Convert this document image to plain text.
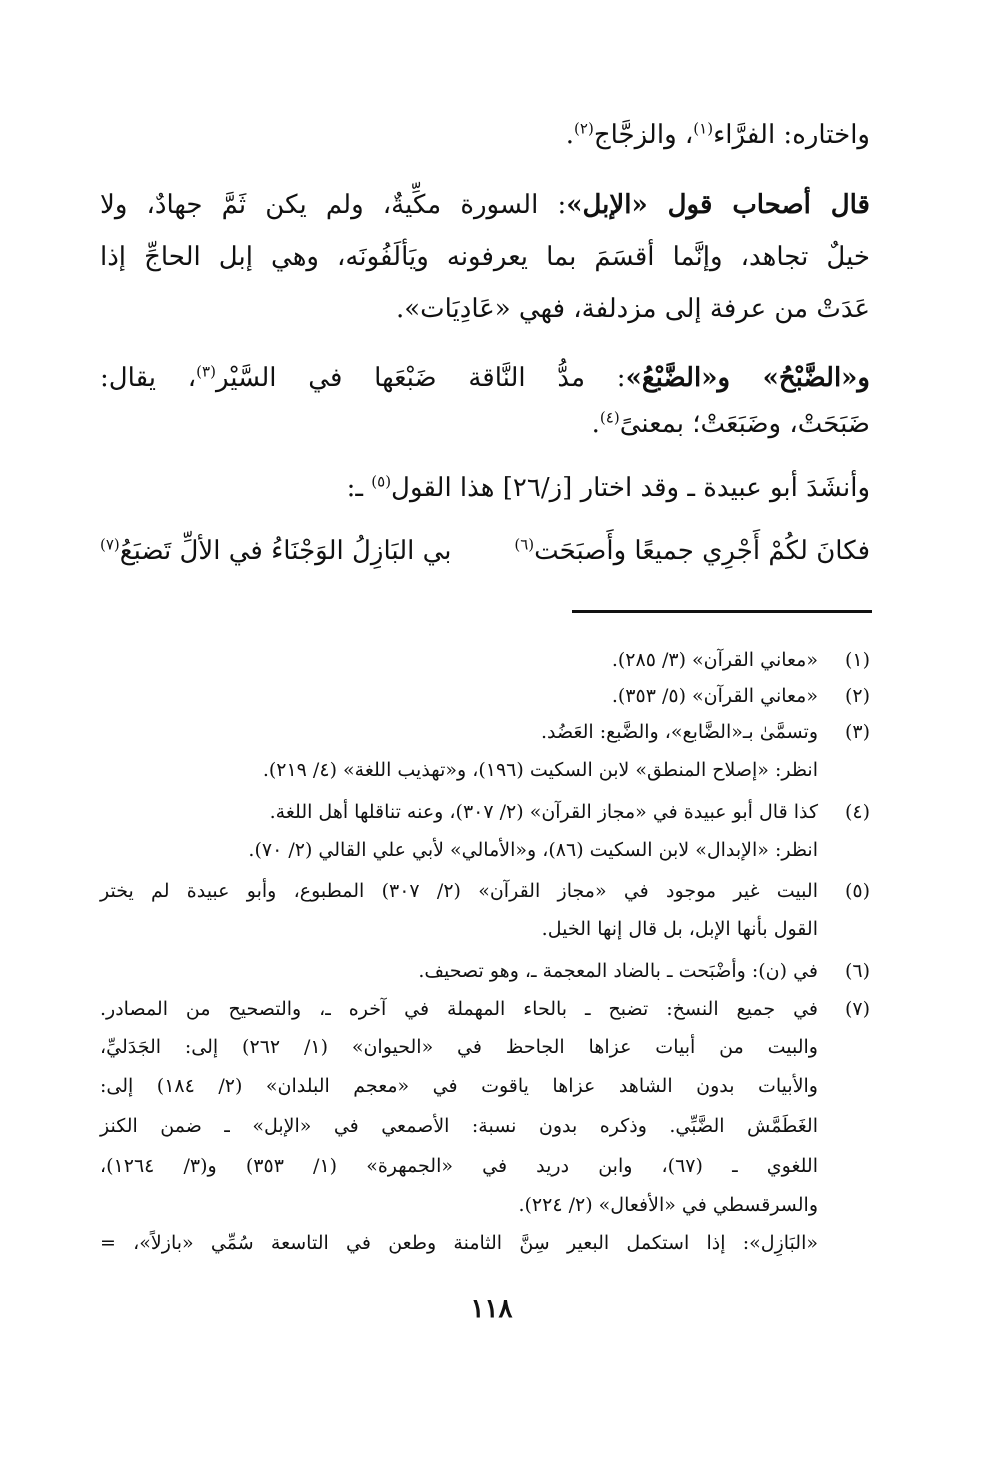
واختاره: الفرَّاء$^{(١)}$، والزجَّاج$^{(٢)}$.
قال أصحاب قول «الإبل»: السورة مكِّيةٌ، ولم يكن ثَمَّ جهادٌ، ولا
خيلٌ تجاهد، وإنَّما أقسَمَ بما يعرفونه ويَألَفُونَه، وهي إبل الحاجِّ إذا
عَدَتْ من عرفة إلى مزدلفة، فهي «عَادِيَات».
و«الضَّبْحُ» و«الضَّبْعُ»: مدُّ النَّاقة ضَبْعَها في السَّيْر$^{(٣)}$، يقال:
ضَبَحَتْ، وضَبَعَتْ؛ بمعنىً$^{(٤)}$.
وأنشَدَ أبو عبيدة ـ وقد اختار [ز/٢٦] هذا القول$^{(٥)}$ ـ:
فكانَ لكُمْ أَجْرِي جميعًا وأَصبَحَت$^{(٦)}$
بي البَازِلُ الوَجْنَاءُ في الألِّ تَضبَعُ$^{(٧)}$
(١)
«معاني القرآن» (٣/ ٢٨٥).
(٢)
«معاني القرآن» (٥/ ٣٥٣).
(٣)
وتسمَّىٰ بـ«الضَّابع»، والضَّبع: العَضُد.
انظر: «إصلاح المنطق» لابن السكيت (١٩٦)، و«تهذيب اللغة» (٤/ ٢١٩).
(٤)
كذا قال أبو عبيدة في «مجاز القرآن» (٢/ ٣٠٧)، وعنه تناقلها أهل اللغة.
انظر: «الإبدال» لابن السكيت (٨٦)، و«الأمالي» لأبي علي القالي (٢/ ٧٠).
(٥)
البيت غير موجود في «مجاز القرآن» (٢/ ٣٠٧) المطبوع، وأبو عبيدة لم يختر
القول بأنها الإبل، بل قال إنها الخيل.
(٦)
في (ن): وأضْبَحت ـ بالضاد المعجمة ـ، وهو تصحيف.
(٧)
في جميع النسخ: تضبح ـ بالحاء المهملة في آخره ـ، والتصحيح من المصادر.
والبيت من أبيات عزاها الجاحظ في «الحيوان» (١/ ٢٦٢) إلى: الجَدَليِّ،
والأبيات بدون الشاهد عزاها ياقوت في «معجم البلدان» (٢/ ١٨٤) إلى:
الغَطَمَّش الضَّبِّي. وذكره بدون نسبة: الأصمعي في «الإبل» ـ ضمن الكنز
اللغوي ـ (٦٧)، وابن دريد في «الجمهرة» (١/ ٣٥٣) و(٣/ ١٢٦٤)،
والسرقسطي في «الأفعال» (٢/ ٢٢٤).
«البَازِل»: إذا استكمل البعير سِنَّ الثامنة وطعن في التاسعة سُمِّي «بازلاً»، =
١١٨
